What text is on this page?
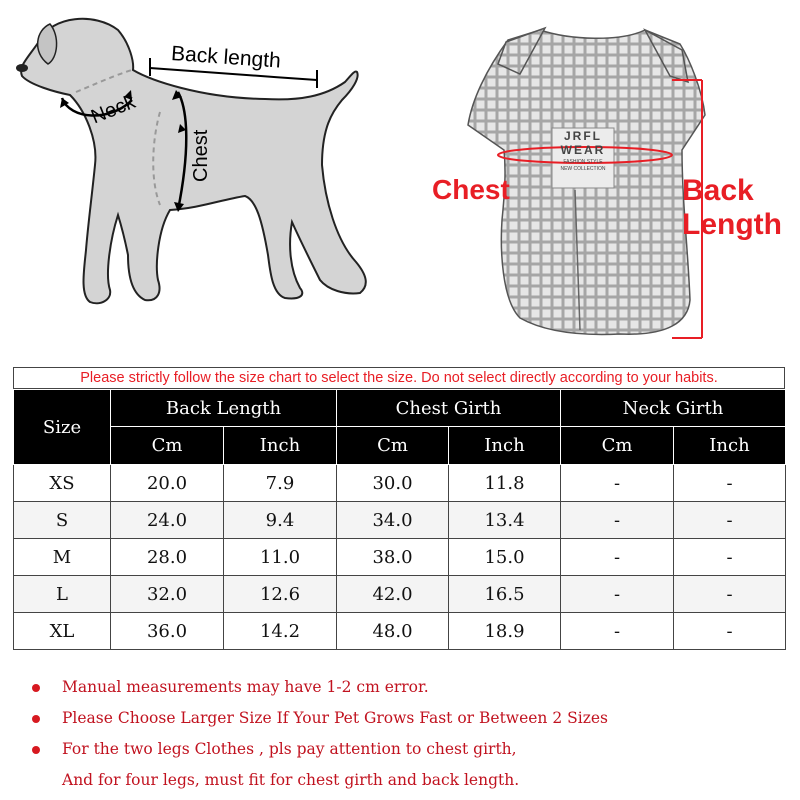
Back length
Neck
Chest	JRFL
WEAR
FASHION STYLE
NEW COLLECTION
Chest	Back
Length
Please strictly follow the size chart to select the size. Do not select directly according to your habits.
Size	Back Length		Chest Girth		Neck Girth	
	Cm	Inch	Cm	Inch	Cm	Inch
XS	20.0	7.9	30.0	11.8	-	-
S	24.0	9.4	34.0	13.4	-	-
M	28.0	11.0	38.0	15.0	-	-
L	32.0	12.6	42.0	16.5	-	-
XL	36.0	14.2	48.0	18.9	-	-
Manual measurements may have 1-2 cm error.
Please Choose Larger Size If Your Pet Grows Fast or Between 2 Sizes
For the two legs Clothes , pls pay attention to chest girth,
And for four legs, must fit for chest girth and back length.
